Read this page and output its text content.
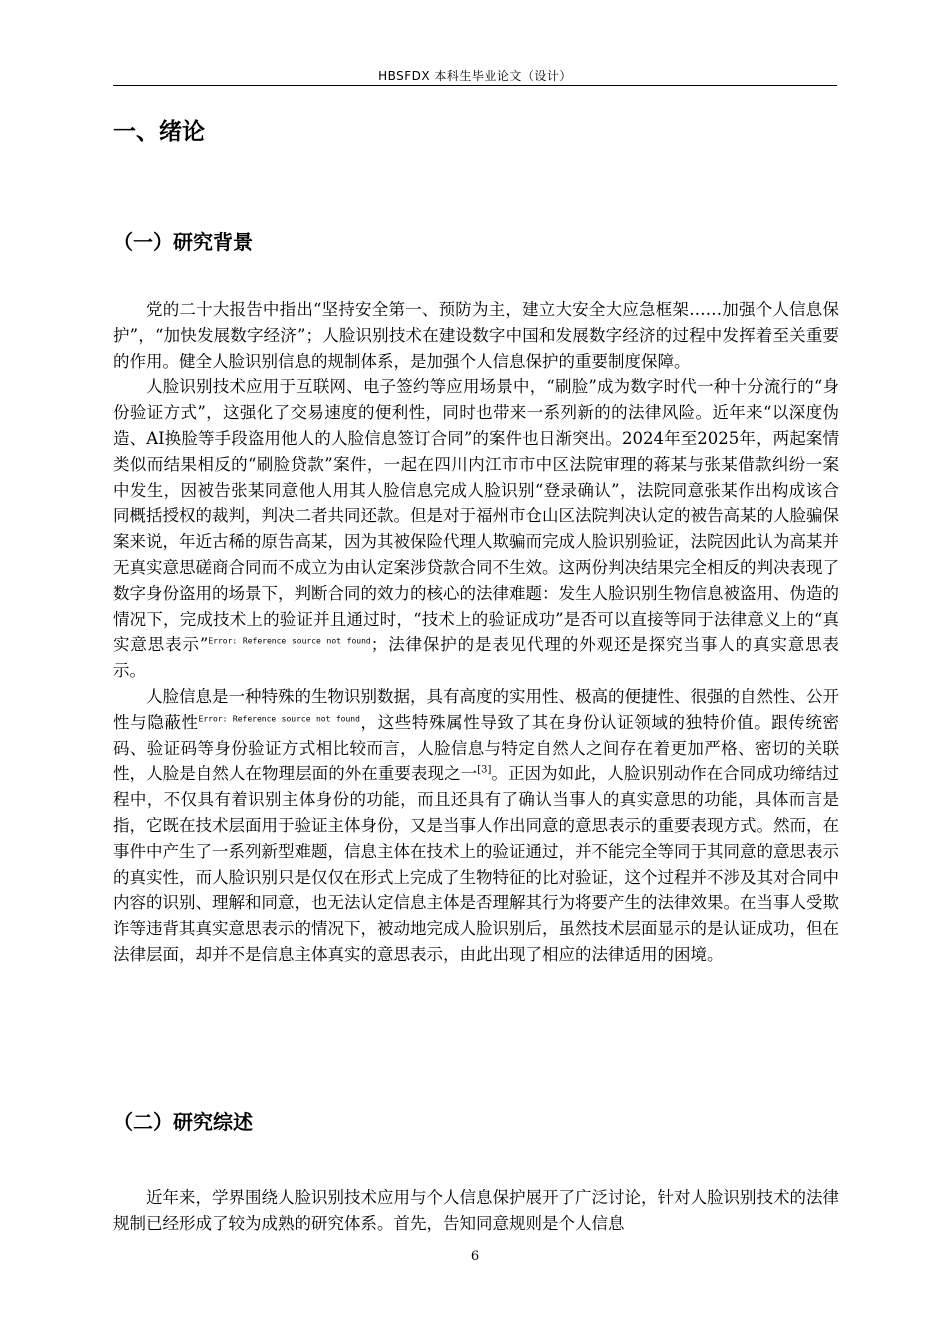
HBSFDX 本科生毕业论文（设计）
一、绪论
（一）研究背景

党的二十大报告中指出“坚持安全第一、预防为主，建立大安全大应急框架……加强个人信息保护”，“加快发展数字经济”；人脸识别技术在建设数字中国和发展数字经济的过程中发挥着至关重要的作用。健全人脸识别信息的规制体系，是加强个人信息保护的重要制度保障。

人脸识别技术应用于互联网、电子签约等应用场景中，“刷脸”成为数字时代一种十分流行的“身份验证方式”，这强化了交易速度的便利性，同时也带来一系列新的的法律风险。近年来“以深度伪造、AI换脸等手段盗用他人的人脸信息签订合同”的案件也日渐突出。2024年至2025年，两起案情类似而结果相反的“刷脸贷款”案件，一起在四川内江市市中区法院审理的蒋某与张某借款纠纷一案中发生，因被告张某同意他人用其人脸信息完成人脸识别“登录确认”，法院同意张某作出构成该合同概括授权的裁判，判决二者共同还款。但是对于福州市仓山区法院判决认定的被告高某的人脸骗保案来说，年近古稀的原告高某，因为其被保险代理人欺骗而完成人脸识别验证，法院因此认为高某并无真实意思磋商合同而不成立为由认定案涉贷款合同不生效。这两份判决结果完全相反的判决表现了数字身份盗用的场景下，判断合同的效力的核心的法律难题：发生人脸识别生物信息被盗用、伪造的情况下，完成技术上的验证并且通过时，“技术上的验证成功”是否可以直接等同于法律意义上的“真实意思表示”$^{Error: Reference source not found}$；法律保护的是表见代理的外观还是探究当事人的真实意思表示。

人脸信息是一种特殊的生物识别数据，具有高度的实用性、极高的便捷性、很强的自然性、公开性与隐蔽性$^{Error: Reference source not found}$，这些特殊属性导致了其在身份认证领域的独特价值。跟传统密码、验证码等身份验证方式相比较而言，人脸信息与特定自然人之间存在着更加严格、密切的关联性，人脸是自然人在物理层面的外在重要表现之一[3]。正因为如此，人脸识别动作在合同成功缔结过程中，不仅具有着识别主体身份的功能，而且还具有了确认当事人的真实意思的功能，具体而言是指，它既在技术层面用于验证主体身份，又是当事人作出同意的意思表示的重要表现方式。然而，在事件中产生了一系列新型难题，信息主体在技术上的验证通过，并不能完全等同于其同意的意思表示的真实性，而人脸识别只是仅仅在形式上完成了生物特征的比对验证，这个过程并不涉及其对合同中内容的识别、理解和同意，也无法认定信息主体是否理解其行为将要产生的法律效果。在当事人受欺诈等违背其真实意思表示的情况下，被动地完成人脸识别后，虽然技术层面显示的是认证成功，但在法律层面，却并不是信息主体真实的意思表示，由此出现了相应的法律适用的困境。

（二）研究综述

近年来，学界围绕人脸识别技术应用与个人信息保护展开了广泛讨论，针对人脸识别技术的法律规制已经形成了较为成熟的研究体系。首先，告知同意规则是个人信息

6
